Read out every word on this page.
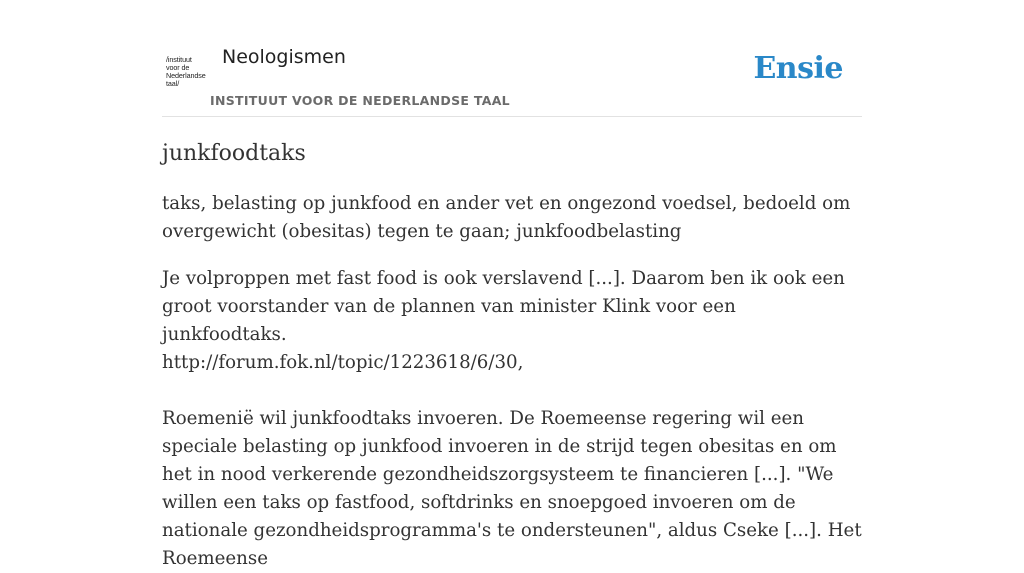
/instituut
voor de
Nederlandse
taal/
Neologismen
INSTITUUT VOOR DE NEDERLANDSE TAAL
Ensie
junkfoodtaks

taks, belasting op junkfood en ander vet en ongezond voedsel, bedoeld om overgewicht (obesitas) tegen te gaan; junkfoodbelasting

Je volproppen met fast food is ook verslavend [...]. Daarom ben ik ook een groot voorstander van de plannen van minister Klink voor een junkfoodtaks.
http://forum.fok.nl/topic/1223618/6/30,
Roemenië wil junkfoodtaks invoeren. De Roemeense regering wil een speciale belasting op junkfood invoeren in de strijd tegen obesitas en om het in nood verkerende gezondheidszorgsysteem te financieren [...]. "We willen een taks op fastfood, softdrinks en snoepgoed invoeren om de nationale gezondheidsprogramma's te ondersteunen", aldus Cseke [...]. Het Roemeense
